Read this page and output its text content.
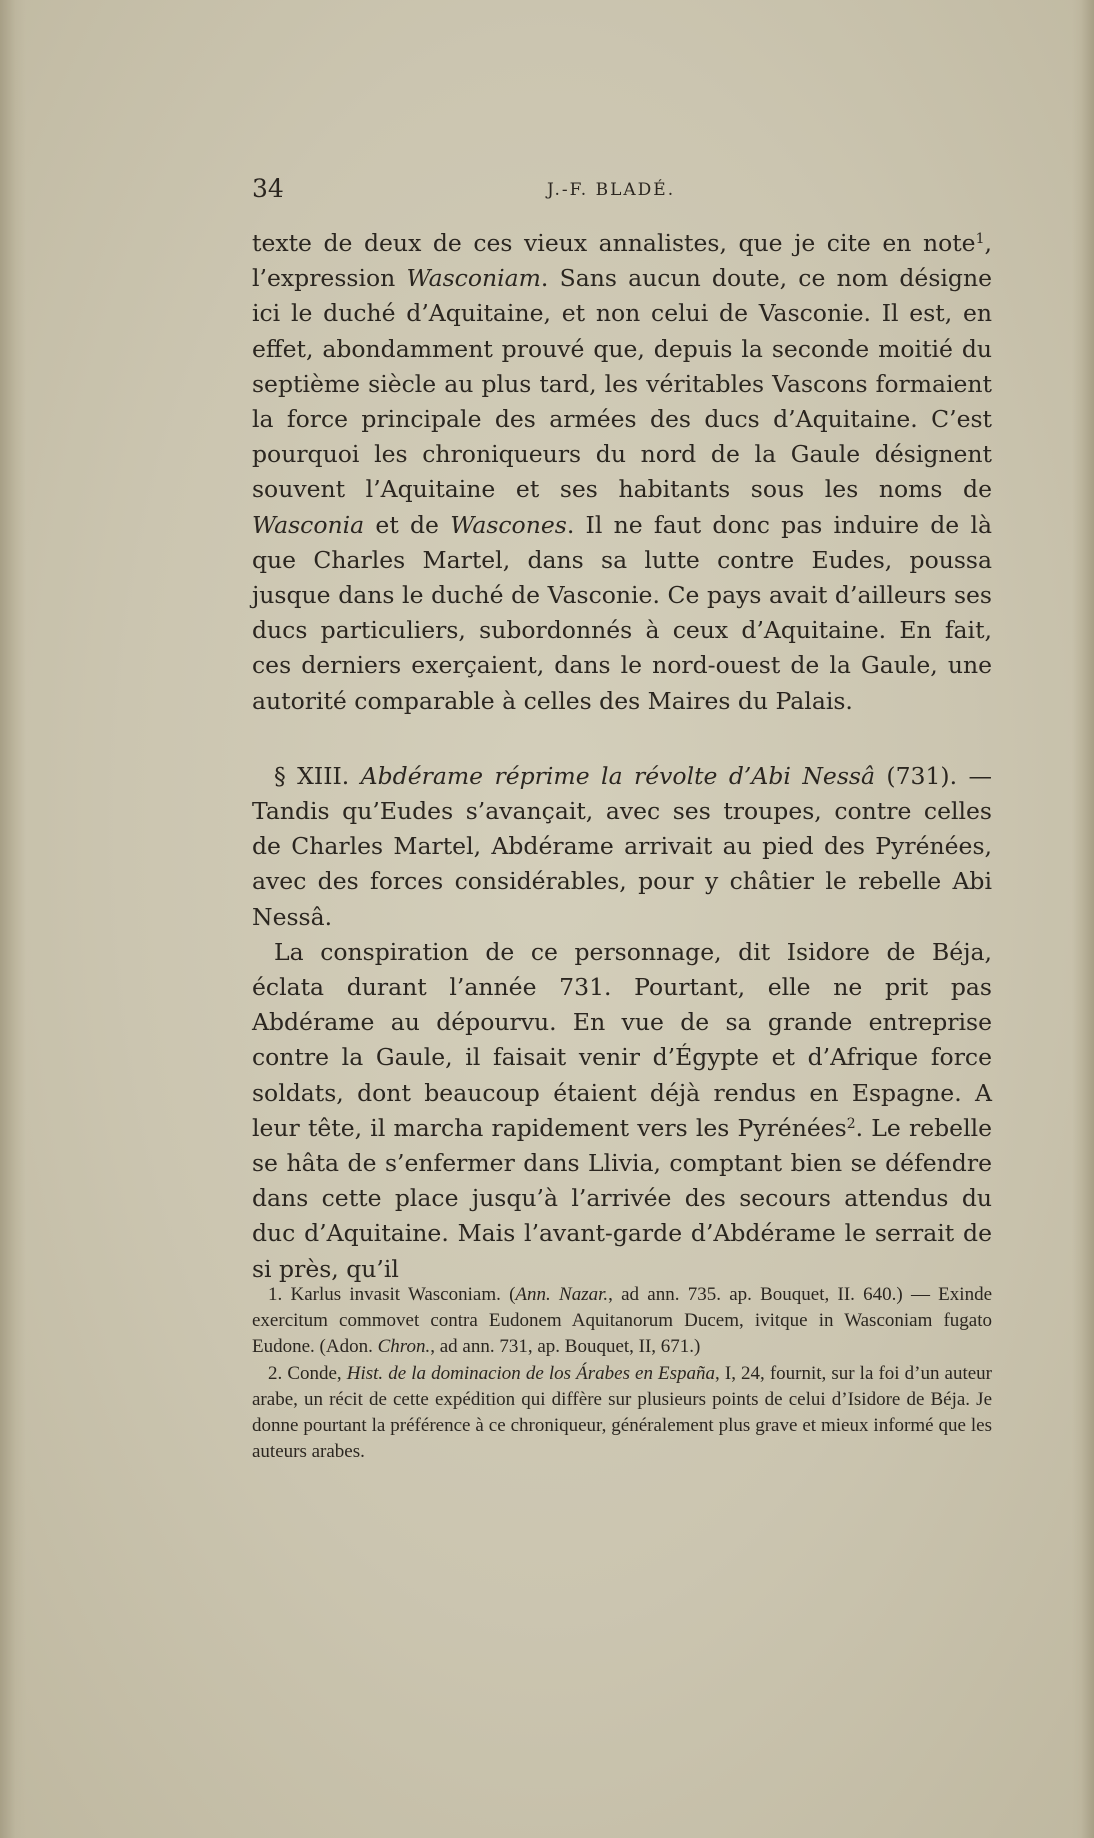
34	J.-F. BLADÉ.

texte de deux de ces vieux annalistes, que je cite en note$^1$, l’expression Wasconiam. Sans aucun doute, ce nom désigne ici le duché d’Aquitaine, et non celui de Vasconie. Il est, en effet, abondamment prouvé que, depuis la seconde moitié du septième siècle au plus tard, les véritables Vascons formaient la force principale des armées des ducs d’Aquitaine. C’est pourquoi les chroniqueurs du nord de la Gaule désignent souvent l’Aquitaine et ses habitants sous les noms de Wasconia et de Wascones. Il ne faut donc pas induire de là que Charles Martel, dans sa lutte contre Eudes, poussa jusque dans le duché de Vasconie. Ce pays avait d’ailleurs ses ducs particuliers, subordonnés à ceux d’Aquitaine. En fait, ces derniers exerçaient, dans le nord-ouest de la Gaule, une autorité comparable à celles des Maires du Palais.

§ XIII. Abdérame réprime la révolte d’Abi Nessâ (731). — Tandis qu’Eudes s’avançait, avec ses troupes, contre celles de Charles Martel, Abdérame arrivait au pied des Pyrénées, avec des forces considérables, pour y châtier le rebelle Abi Nessâ.

La conspiration de ce personnage, dit Isidore de Béja, éclata durant l’année 731. Pourtant, elle ne prit pas Abdérame au dépourvu. En vue de sa grande entreprise contre la Gaule, il faisait venir d’Égypte et d’Afrique force soldats, dont beaucoup étaient déjà rendus en Espagne. A leur tête, il marcha rapidement vers les Pyrénées$^2$. Le rebelle se hâta de s’enfermer dans Llivia, comptant bien se défendre dans cette place jusqu’à l’arrivée des secours attendus du duc d’Aquitaine. Mais l’avant-garde d’Abdérame le serrait de si près, qu’il

1. Karlus invasit Wasconiam. (Ann. Nazar., ad ann. 735. ap. Bouquet, II. 640.) — Exinde exercitum commovet contra Eudonem Aquitanorum Ducem, ivitque in Wasconiam fugato Eudone. (Adon. Chron., ad ann. 731, ap. Bouquet, II, 671.)

2. Conde, Hist. de la dominacion de los Árabes en España, I, 24, fournit, sur la foi d’un auteur arabe, un récit de cette expédition qui diffère sur plusieurs points de celui d’Isidore de Béja. Je donne pourtant la préférence à ce chroniqueur, généralement plus grave et mieux informé que les auteurs arabes.
